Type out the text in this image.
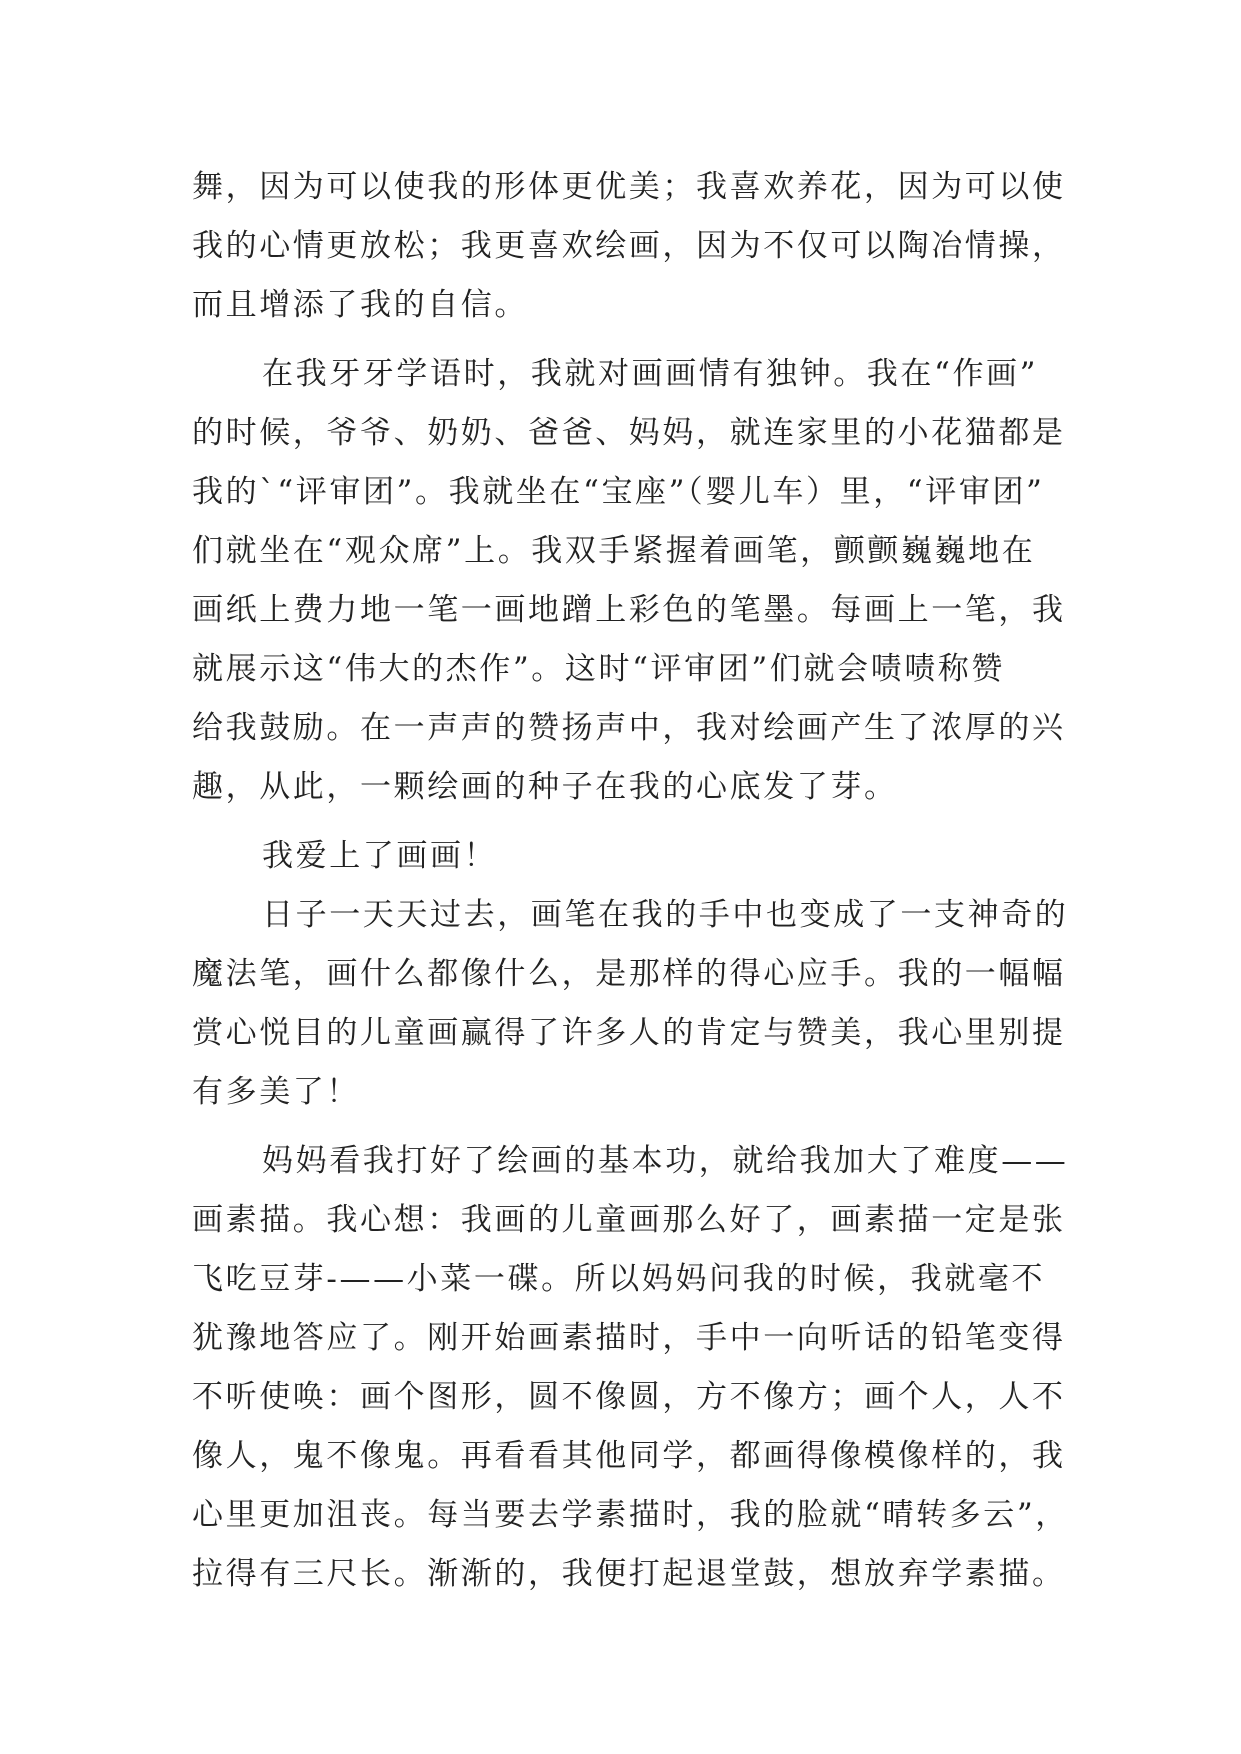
舞，因为可以使我的形体更优美；我喜欢养花，因为可以使
我的心情更放松；我更喜欢绘画，因为不仅可以陶冶情操，
而且增添了我的自信。
在我牙牙学语时，我就对画画情有独钟。我在“作画”
的时候，爷爷、奶奶、爸爸、妈妈，就连家里的小花猫都是
我的`“评审团”。我就坐在“宝座”（婴儿车）里，“评审团”
们就坐在“观众席”上。我双手紧握着画笔，颤颤巍巍地在
画纸上费力地一笔一画地蹭上彩色的笔墨。每画上一笔，我
就展示这“伟大的杰作”。这时“评审团”们就会啧啧称赞
给我鼓励。在一声声的赞扬声中，我对绘画产生了浓厚的兴
趣，从此，一颗绘画的种子在我的心底发了芽。
我爱上了画画！
日子一天天过去，画笔在我的手中也变成了一支神奇的
魔法笔，画什么都像什么，是那样的得心应手。我的一幅幅
赏心悦目的儿童画赢得了许多人的肯定与赞美，我心里别提
有多美了！
妈妈看我打好了绘画的基本功，就给我加大了难度——
画素描。我心想：我画的儿童画那么好了，画素描一定是张
飞吃豆芽-——小菜一碟。所以妈妈问我的时候，我就毫不
犹豫地答应了。刚开始画素描时，手中一向听话的铅笔变得
不听使唤：画个图形，圆不像圆，方不像方；画个人，人不
像人，鬼不像鬼。再看看其他同学，都画得像模像样的，我
心里更加沮丧。每当要去学素描时，我的脸就“晴转多云”，
拉得有三尺长。渐渐的，我便打起退堂鼓，想放弃学素描。
